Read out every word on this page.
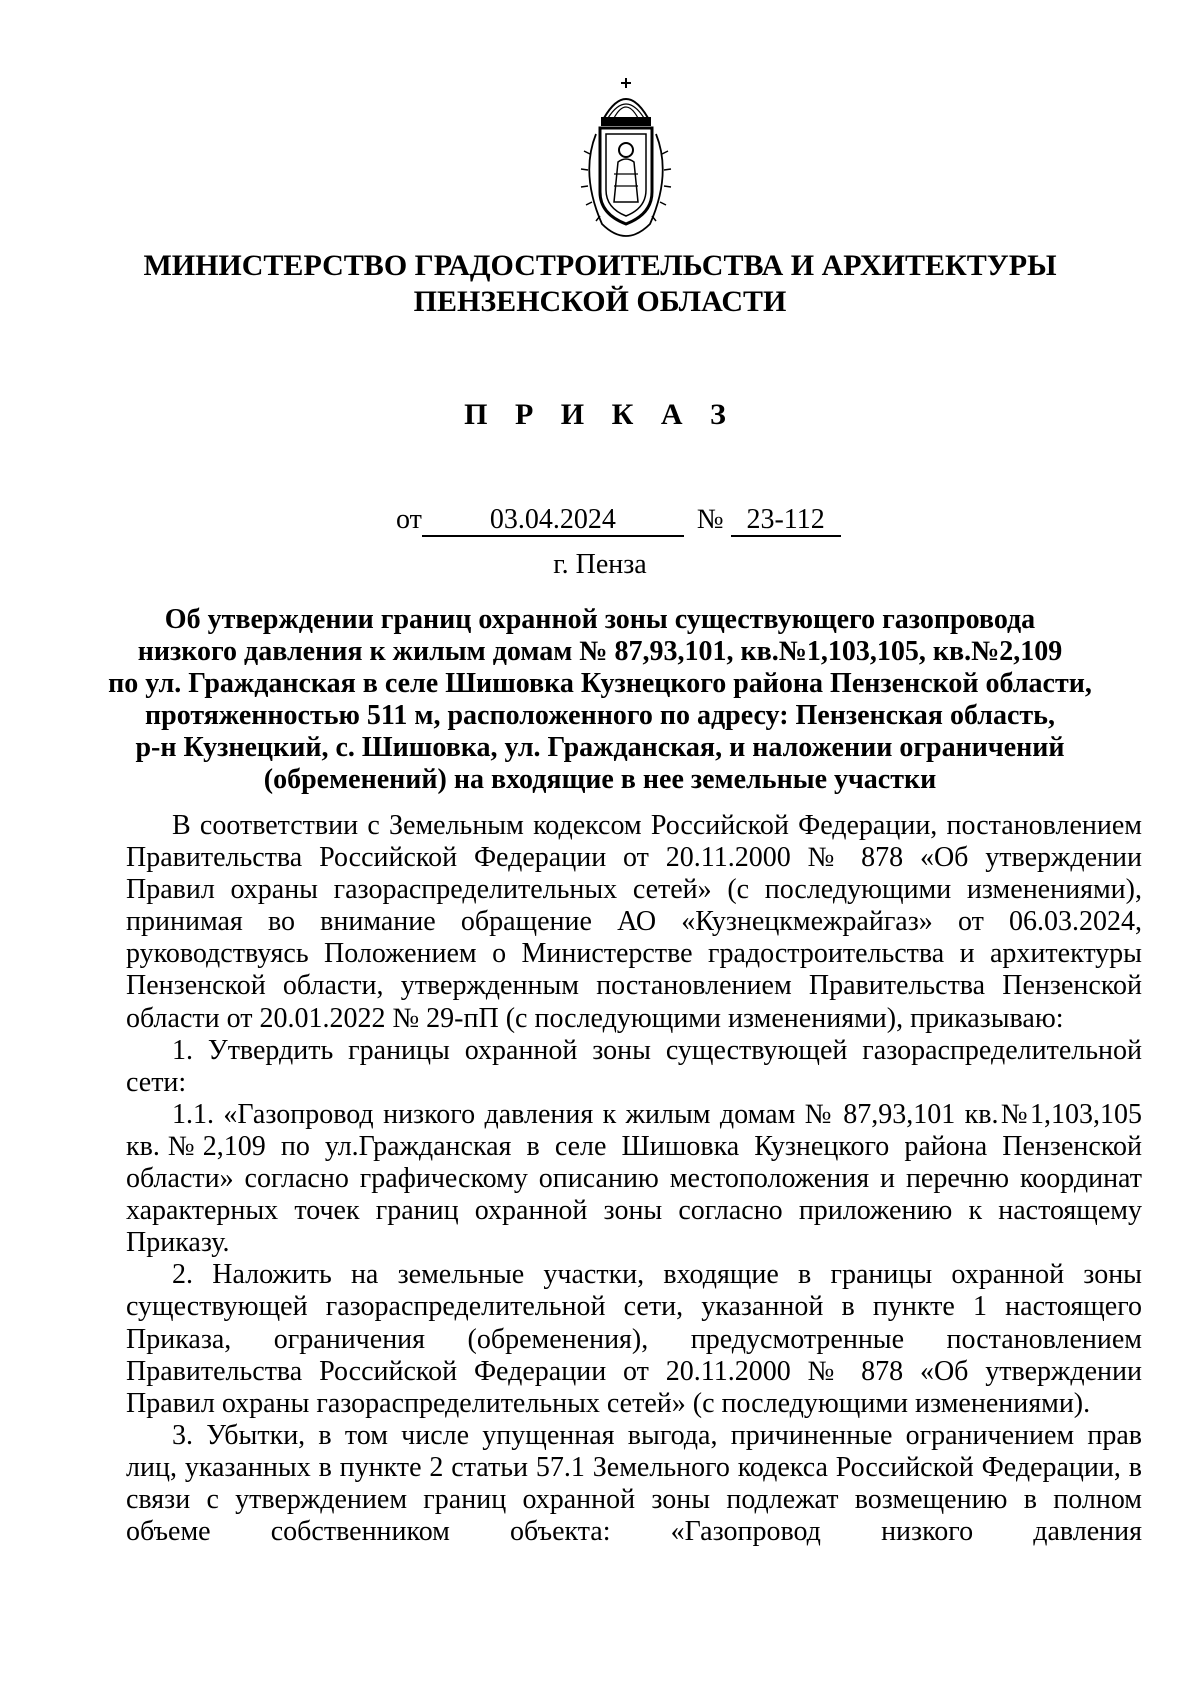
МИНИСТЕРСТВО ГРАДОСТРОИТЕЛЬСТВА И АРХИТЕКТУРЫ
ПЕНЗЕНСКОЙ ОБЛАСТИ
П Р И К А З
от 03.04.2024	№ 23-112
г. Пенза
Об утверждении границ охранной зоны существующего газопровода
низкого давления к жилым домам № 87,93,101, кв.№1,103,105, кв.№2,109
по ул. Гражданская в селе Шишовка Кузнецкого района Пензенской области,
протяженностью 511 м, расположенного по адресу: Пензенская область,
р-н Кузнецкий, с. Шишовка, ул. Гражданская, и наложении ограничений
(обременений) на входящие в нее земельные участки

В соответствии с Земельным кодексом Российской Федерации, постановлением Правительства Российской Федерации от 20.11.2000 № 878 «Об утверждении Правил охраны газораспределительных сетей» (с последующими изменениями), принимая во внимание обращение АО «Кузнецкмежрайгаз» от 06.03.2024, руководствуясь Положением о Министерстве градостроительства и архитектуры Пензенской области, утвержденным постановлением Правительства Пензенской области от 20.01.2022 № 29-пП (с последующими изменениями), приказываю:

1. Утвердить границы охранной зоны существующей газораспределительной сети:

1.1. «Газопровод низкого давления к жилым домам № 87,93,101 кв.№1,103,105 кв.№2,109 по ул.Гражданская в селе Шишовка Кузнецкого района Пензенской области» согласно графическому описанию местоположения и перечню координат характерных точек границ охранной зоны согласно приложению к настоящему Приказу.

2. Наложить на земельные участки, входящие в границы охранной зоны существующей газораспределительной сети, указанной в пункте 1 настоящего Приказа, ограничения (обременения), предусмотренные постановлением Правительства Российской Федерации от 20.11.2000 № 878 «Об утверждении Правил охраны газораспределительных сетей» (с последующими изменениями).

3. Убытки, в том числе упущенная выгода, причиненные ограничением прав лиц, указанных в пункте 2 статьи 57.1 Земельного кодекса Российской Федерации, в связи с утверждением границ охранной зоны подлежат возмещению в полном объеме собственником объекта: «Газопровод низкого давления
